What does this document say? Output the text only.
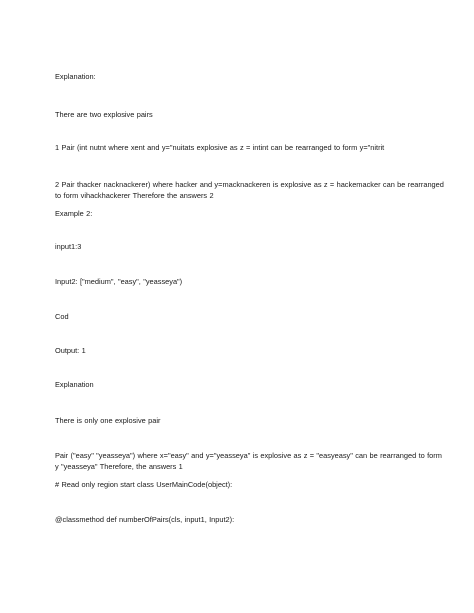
Explanation:
There are two explosive pairs
1 Pair (int nutnt where xent and y="nuitats explosive as z = intint can be rearranged to form y="nitrit
2 Pair thacker nacknackerer) where hacker and y=macknackeren is explosive as z = hackemacker can be rearranged to form vihackhackerer Therefore the answers 2
Example 2:
input1:3
Input2: ["medium", "easy", "yeasseya")
Cod
Output: 1
Explanation
There is only one explosive pair
Pair ("easy" "yeasseya") where x="easy" and y="yeasseya" is explosive as z = "easyeasy" can be rearranged to form y "yeasseya" Therefore, the answers 1
# Read only region start class UserMainCode(object):
@classmethod def numberOfPairs(cls, input1, Input2):
